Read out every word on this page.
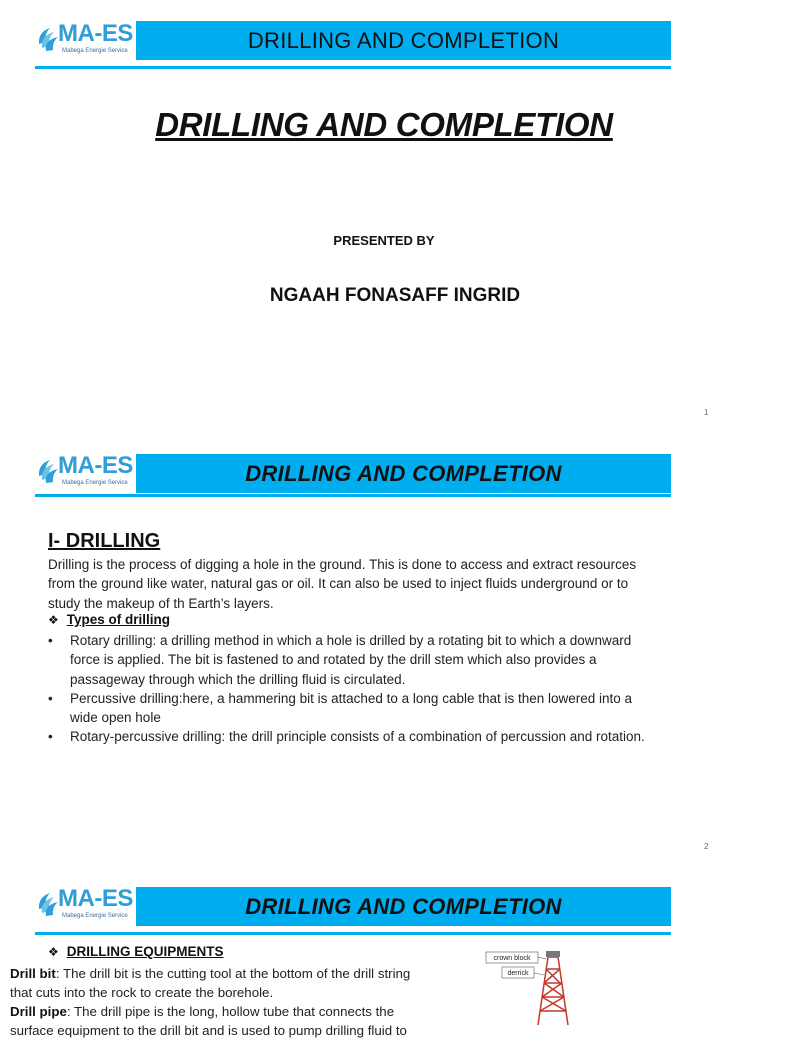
MA-ES
Mabega Energie Service	DRILLING AND COMPLETION
DRILLING AND COMPLETION
PRESENTED BY
NGAAH FONASAFF INGRID
1
MA-ES
Mabega Energie Service	DRILLING AND COMPLETION
I- DRILLING
Drilling is the process of digging a hole in the ground. This is done to access and extract resources from the ground like water, natural gas or oil. It can also be used to inject fluids underground or to study the makeup of th Earth’s layers.
❖ Types of drilling
• Rotary drilling: a drilling method in which a hole is drilled by a rotating bit to which a downward force is applied. The bit is fastened to and rotated by the drill stem which also provides a passageway through which the drilling fluid is circulated.
• Percussive drilling:here, a hammering bit is attached to a long cable that is then lowered into a wide open hole
• Rotary-percussive drilling: the drill principle consists of a combination of percussion and rotation.
2
MA-ES
Mabega Energie Service	DRILLING AND COMPLETION
❖ DRILLING EQUIPMENTS

Drill bit: The drill bit is the cutting tool at the bottom of the drill string that cuts into the rock to create the borehole.

Drill pipe: The drill pipe is the long, hollow tube that connects the surface equipment to the drill bit and is used to pump drilling fluid to

crown block
derrick
